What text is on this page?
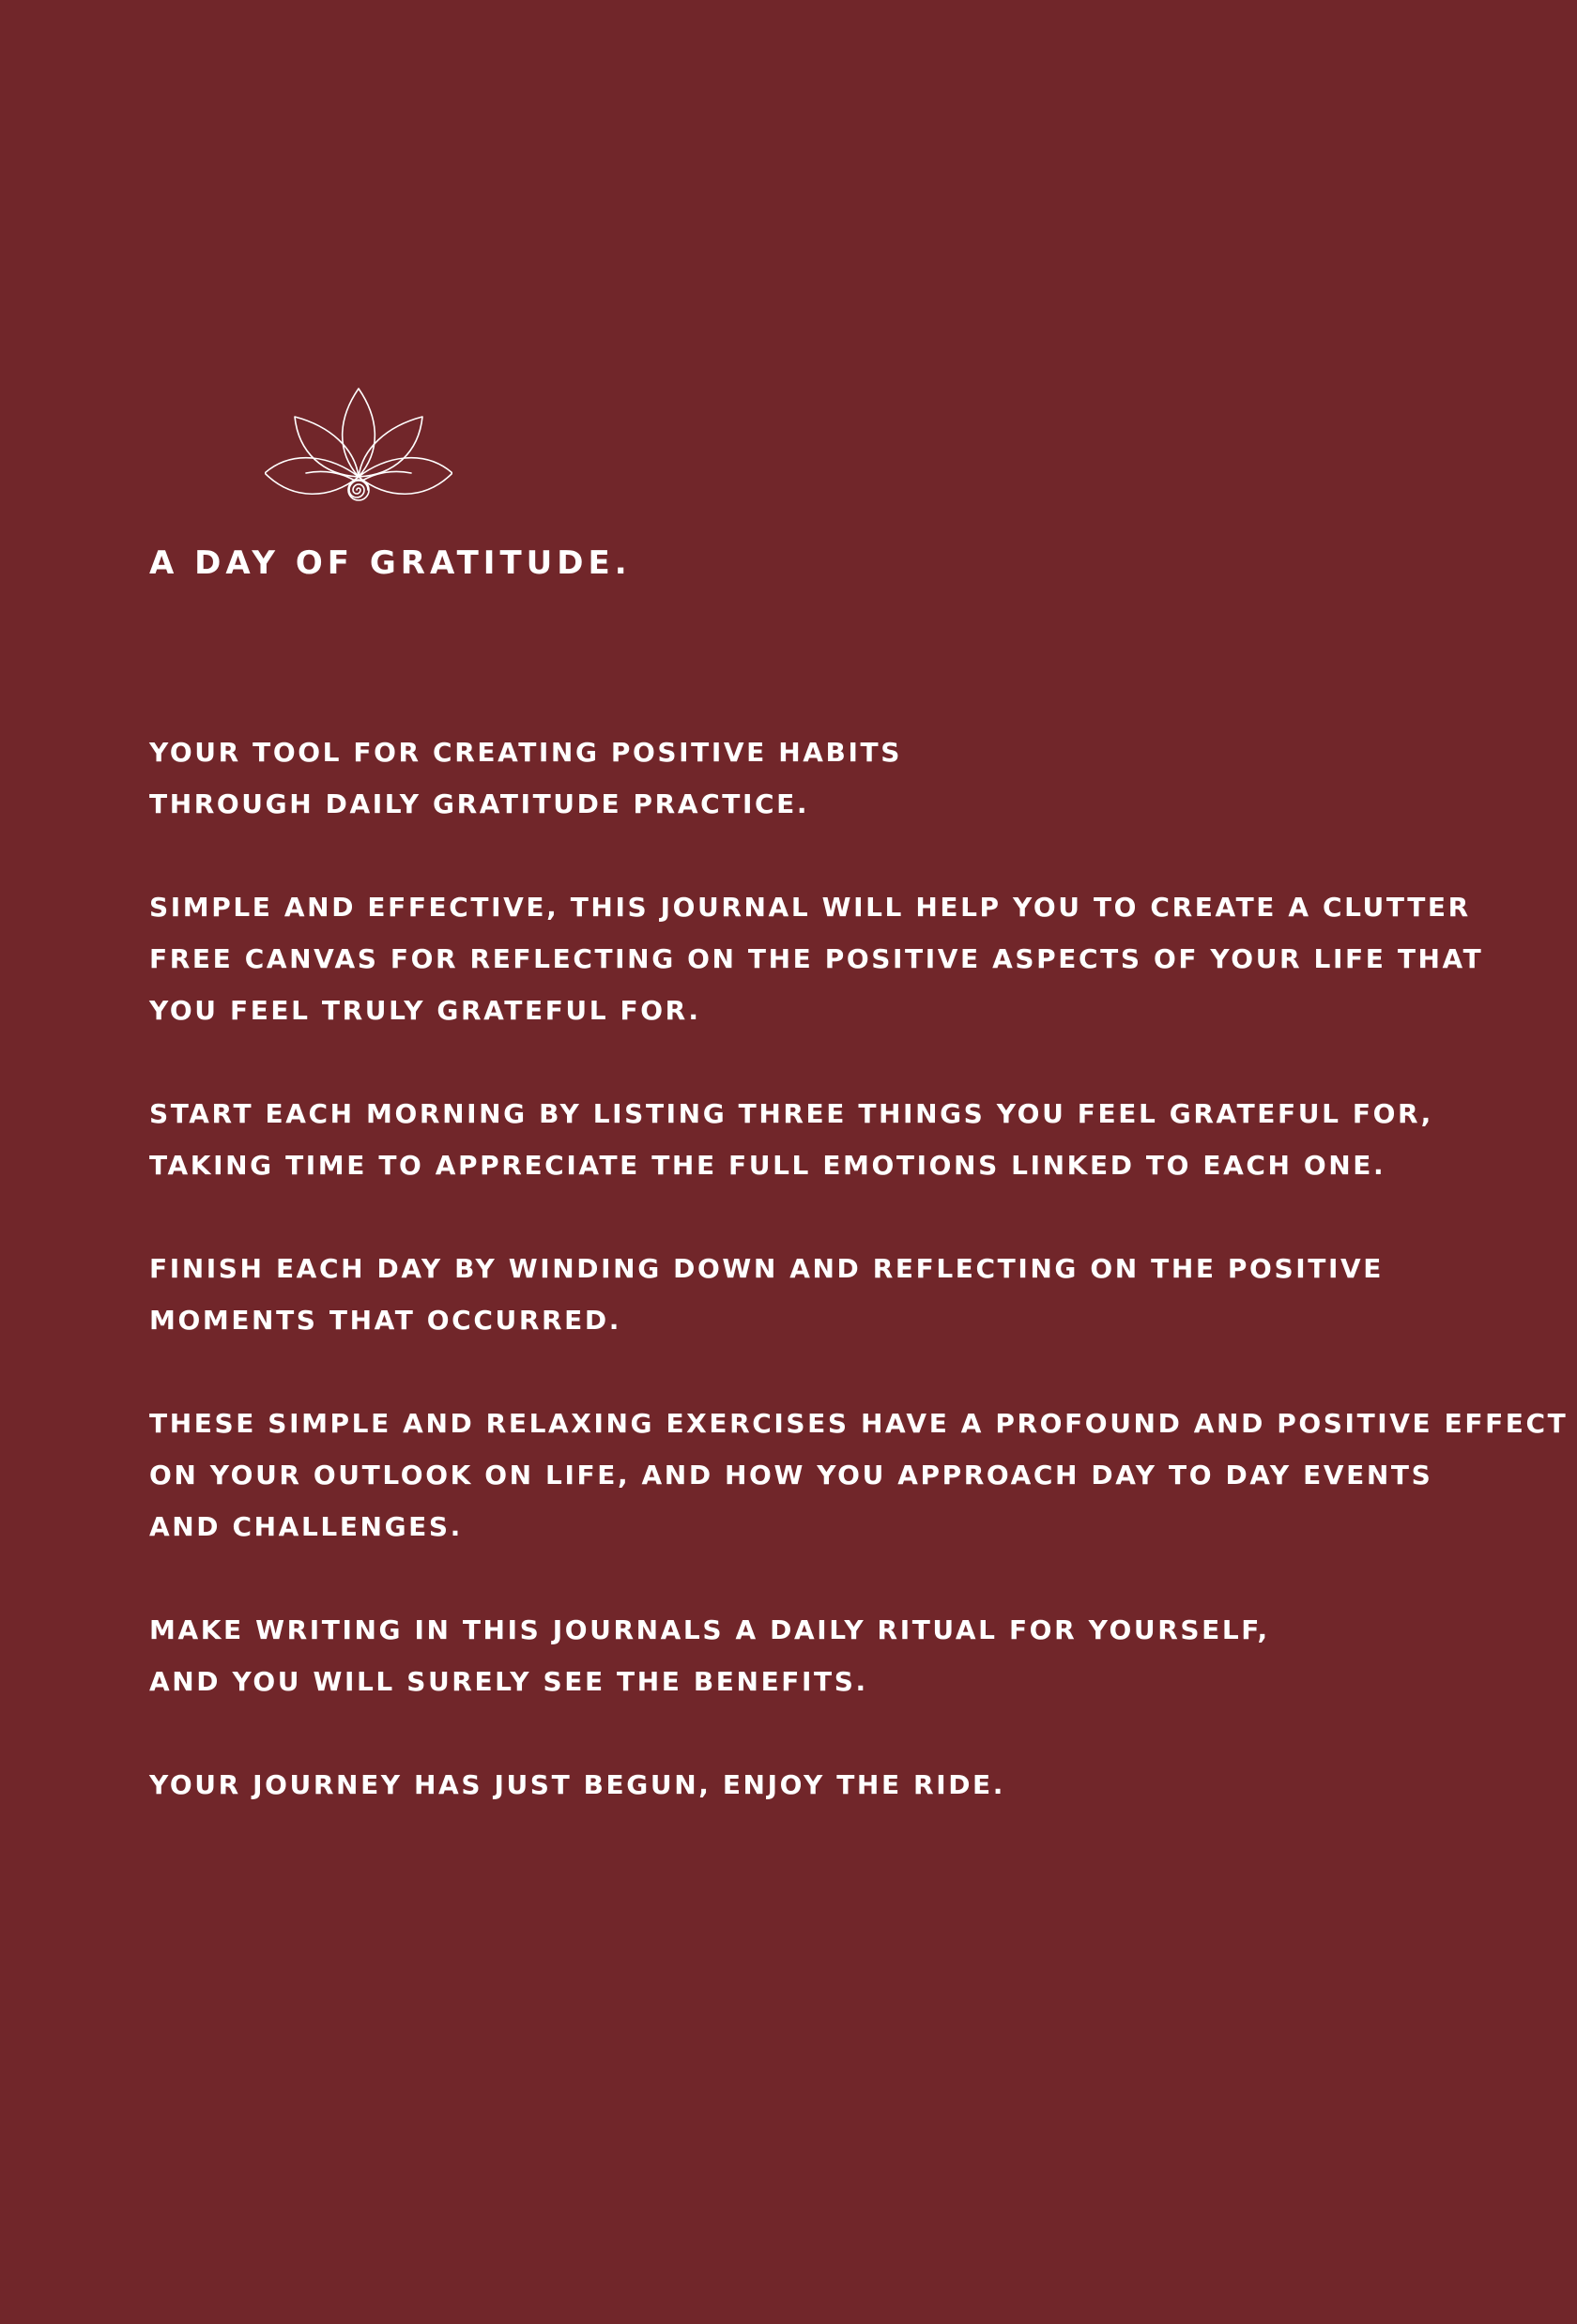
A DAY OF GRATITUDE.

YOUR TOOL FOR CREATING POSITIVE HABITS
THROUGH DAILY GRATITUDE PRACTICE.

SIMPLE AND EFFECTIVE, THIS JOURNAL WILL HELP YOU TO CREATE A CLUTTER
FREE CANVAS FOR REFLECTING ON THE POSITIVE ASPECTS OF YOUR LIFE THAT
YOU FEEL TRULY GRATEFUL FOR.

START EACH MORNING BY LISTING THREE THINGS YOU FEEL GRATEFUL FOR,
TAKING TIME TO APPRECIATE THE FULL EMOTIONS LINKED TO EACH ONE.

FINISH EACH DAY BY WINDING DOWN AND REFLECTING ON THE POSITIVE
MOMENTS THAT OCCURRED.

THESE SIMPLE AND RELAXING EXERCISES HAVE A PROFOUND AND POSITIVE EFFECT
ON YOUR OUTLOOK ON LIFE, AND HOW YOU APPROACH DAY TO DAY EVENTS
AND CHALLENGES.

MAKE WRITING IN THIS JOURNALS A DAILY RITUAL FOR YOURSELF,
AND YOU WILL SURELY SEE THE BENEFITS.

YOUR JOURNEY HAS JUST BEGUN, ENJOY THE RIDE.
